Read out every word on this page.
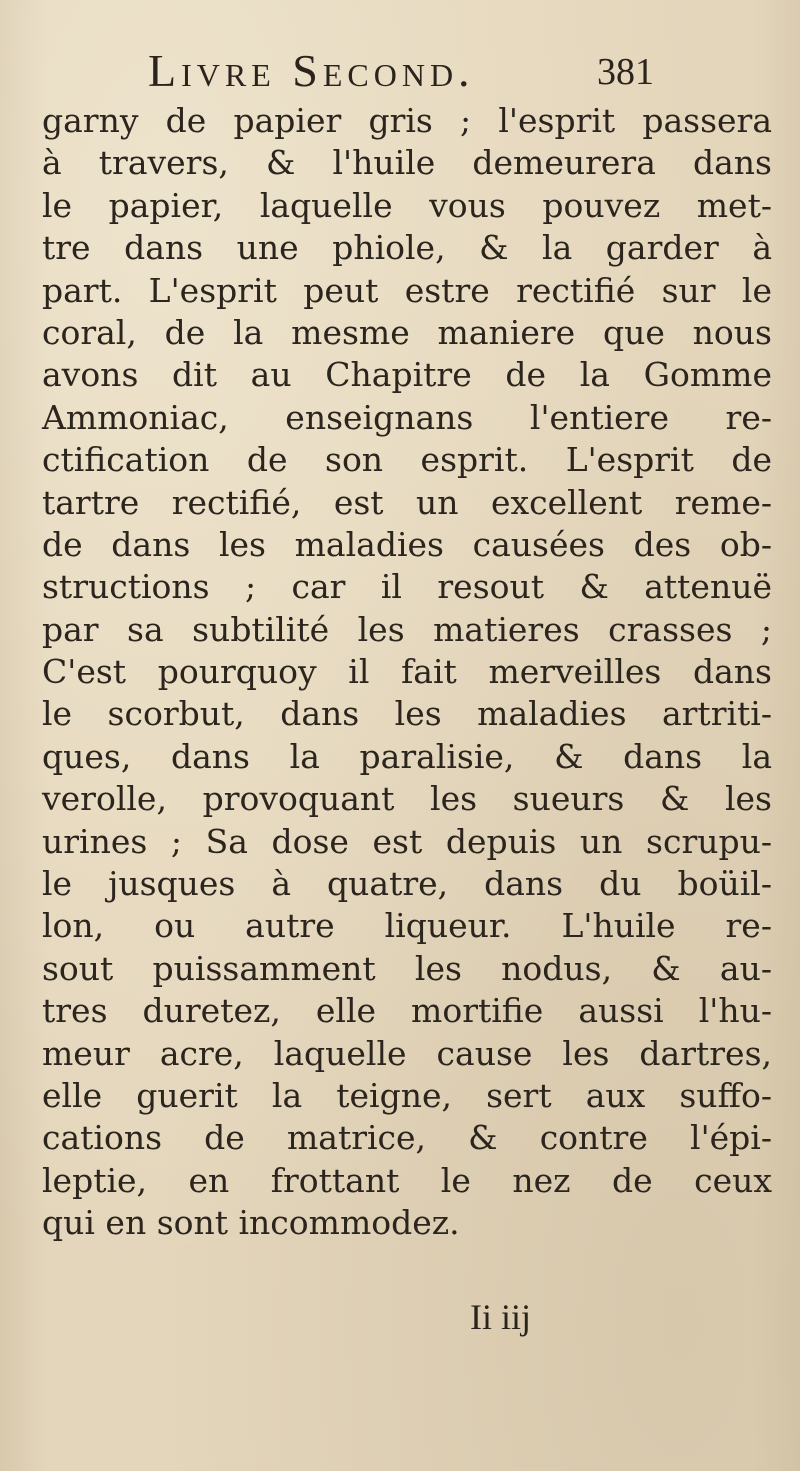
Livre Second.	381
garny de papier gris ; l'esprit passera
à travers, & l'huile demeurera dans
le papier, laquelle vous pouvez met-
tre dans une phiole, & la garder à
part. L'esprit peut estre rectifié sur le
coral, de la mesme maniere que nous
avons dit au Chapitre de la Gomme
Ammoniac, enseignans l'entiere re-
ctification de son esprit. L'esprit de
tartre rectifié, est un excellent reme-
de dans les maladies causées des ob-
structions ; car il resout & attenuë
par sa subtilité les matieres crasses ;
C'est pourquoy il fait merveilles dans
le scorbut, dans les maladies artriti-
ques, dans la paralisie, & dans la
verolle, provoquant les sueurs & les
urines ; Sa dose est depuis un scrupu-
le jusques à quatre, dans du boüil-
lon, ou autre liqueur. L'huile re-
sout puissamment les nodus, & au-
tres duretez, elle mortifie aussi l'hu-
meur acre, laquelle cause les dartres,
elle guerit la teigne, sert aux suffo-
cations de matrice, & contre l'épi-
leptie, en frottant le nez de ceux
qui en sont incommodez.
Ii iij
